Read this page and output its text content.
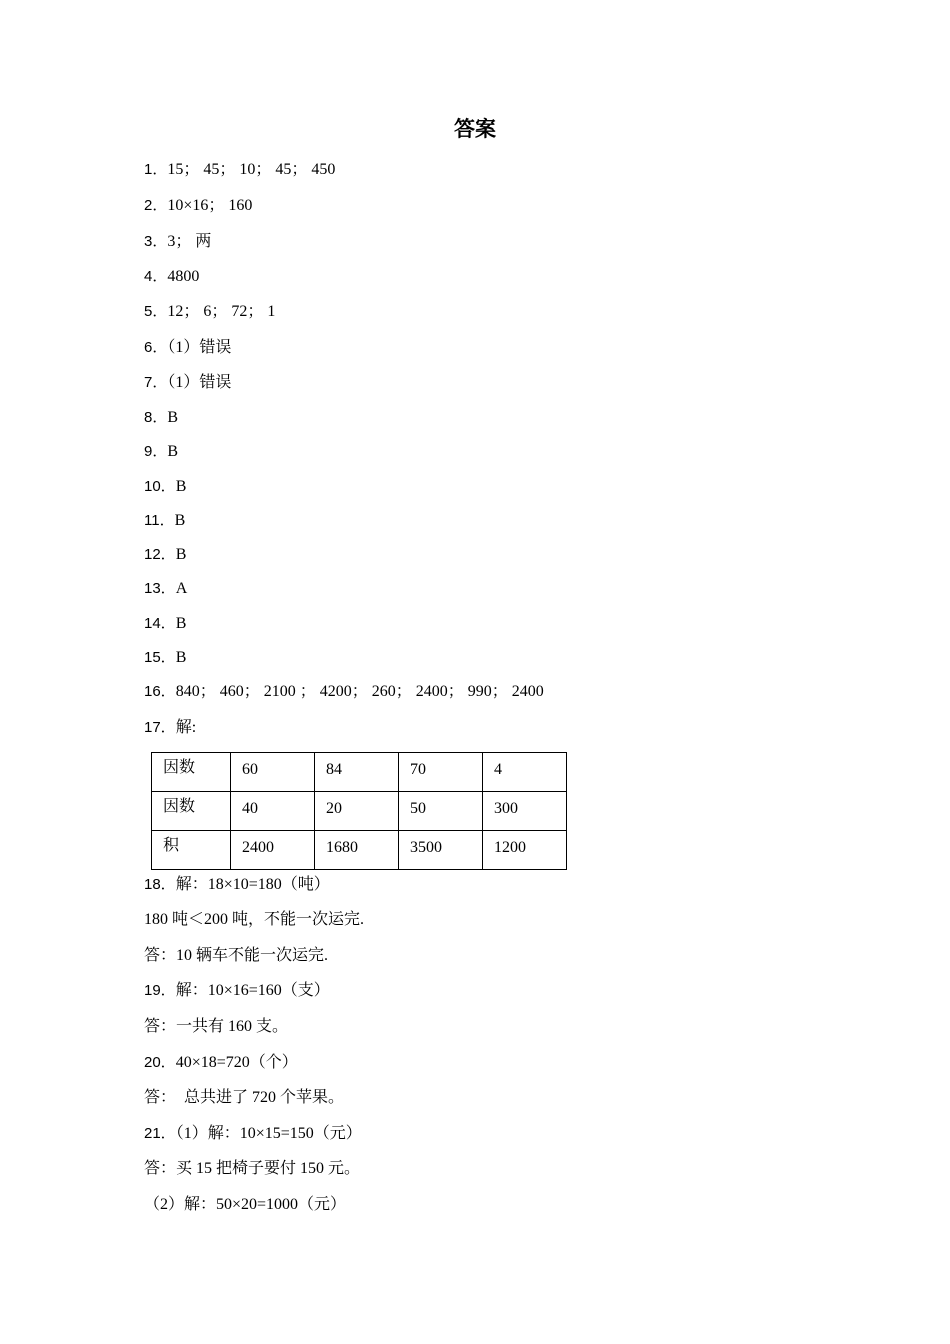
答案
1．15； 45； 10； 45； 450
2．10×16； 160
3．3； 两
4．4800
5．12； 6； 72； 1
6．（1）错误
7．（1）错误
8．B
9．B
10．B
11．B
12．B
13．A
14．B
15．B
16．840； 460； 2100 ； 4200； 260； 2400； 990； 2400
17．解:
因数	60	84	70	4
因数	40	20	50	300
积	2400	1680	3500	1200
18．解：18×10=180（吨）
180 吨＜200 吨，不能一次运完.
答：10 辆车不能一次运完.
19．解：10×16=160（支）
答：一共有 160 支。
20．40×18=720（个）
答：　总共进了 720 个苹果。
21．（1）解：10×15=150（元）
答：买 15 把椅子要付 150 元。
（2）解：50×20=1000（元）
